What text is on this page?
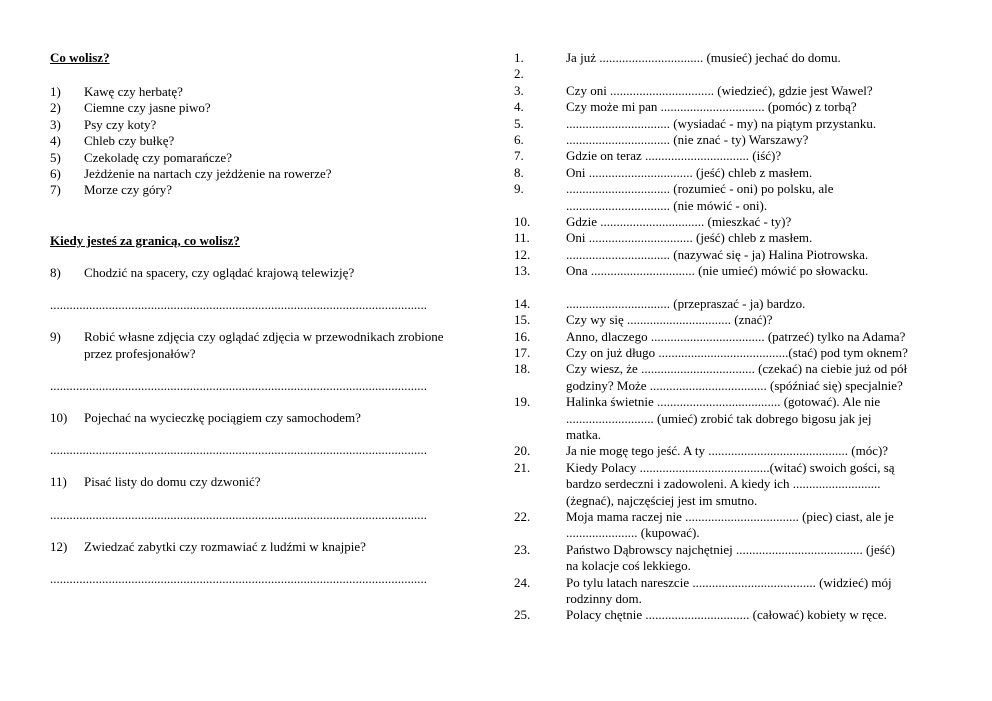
Co wolisz?
1)	Kawę czy herbatę?
2)	Ciemne czy jasne piwo?
3)	Psy czy koty?
4)	Chleb czy bułkę?
5)	Czekoladę czy pomarańcze?
6)	Jeżdżenie na nartach czy jeżdżenie na rowerze?
7)	Morze czy góry?
Kiedy jesteś za granicą, co wolisz?
8)	Chodzić na spacery, czy oglądać krajową telewizję?
....................................................................................................................
9)	Robić własne zdjęcia czy oglądać zdjęcia w przewodnikach zrobione
przez profesjonałów?
....................................................................................................................
10)	Pojechać na wycieczkę pociągiem czy samochodem?
....................................................................................................................
11)	Pisać listy do domu czy dzwonić?
....................................................................................................................
12)	Zwiedzać zabytki czy rozmawiać z ludźmi w knajpie?
....................................................................................................................
1.	Ja już ................................ (musieć) jechać do domu.
2.
3.	Czy oni ................................ (wiedzieć), gdzie jest Wawel?
4.	Czy może mi pan ................................ (pomóc) z torbą?
5.	................................ (wysiadać - my) na piątym przystanku.
6.	................................ (nie znać - ty) Warszawy?
7.	Gdzie on teraz ................................ (iść)?
8.	Oni ................................ (jeść) chleb z masłem.
9.	................................ (rozumieć - oni) po polsku, ale
................................ (nie mówić - oni).
10.	Gdzie ................................ (mieszkać - ty)?
11.	Oni ................................ (jeść) chleb z masłem.
12.	................................ (nazywać się - ja) Halina Piotrowska.
13.	Ona ................................ (nie umieć) mówić po słowacku.
14.	................................ (przepraszać - ja) bardzo.
15.	Czy wy się ................................ (znać)?
16.	Anno, dlaczego ................................... (patrzeć) tylko na Adama?
17.	Czy on już długo ........................................(stać) pod tym oknem?
18.	Czy wiesz, że ................................... (czekać) na ciebie już od pół
godziny? Może .................................... (spóźniać się) specjalnie?
19.	Halinka świetnie ...................................... (gotować). Ale nie
........................... (umieć) zrobić tak dobrego bigosu jak jej
matka.
20.	Ja nie mogę tego jeść. A ty ........................................... (móc)?
21.	Kiedy Polacy ........................................(witać) swoich gości, są
bardzo serdeczni i zadowoleni. A kiedy ich ...........................
(żegnać), najczęściej jest im smutno.
22.	Moja mama raczej nie ................................... (piec) ciast, ale je
...................... (kupować).
23.	Państwo Dąbrowscy najchętniej ....................................... (jeść)
na kolacje coś lekkiego.
24.	Po tylu latach nareszcie ...................................... (widzieć) mój
rodzinny dom.
25.	Polacy chętnie ................................ (całować) kobiety w ręce.
